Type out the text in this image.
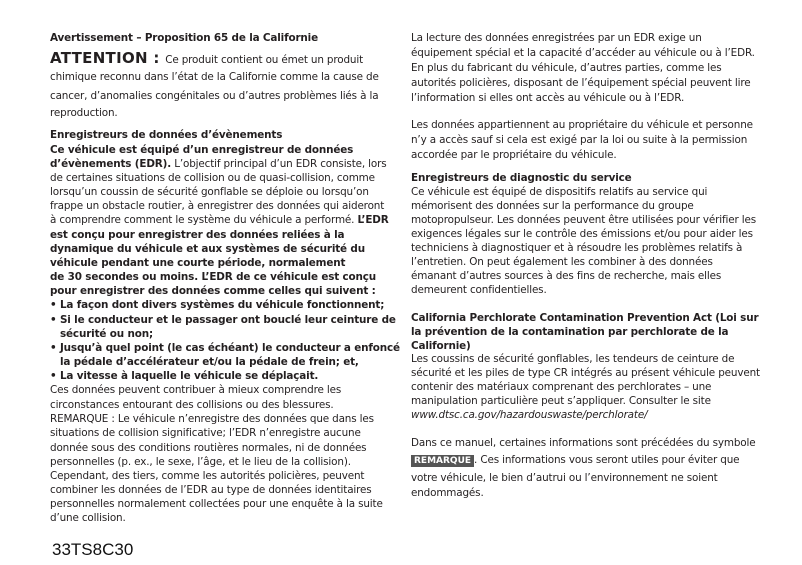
Avertissement – Proposition 65 de la Californie
ATTENTION : Ce produit contient ou émet un produit
chimique reconnu dans l’état de la Californie comme la cause de
cancer, d’anomalies congénitales ou d’autres problèmes liés à la
reproduction.
Enregistreurs de données d’évènements
Ce véhicule est équipé d’un enregistreur de données
d’évènements (EDR). L’objectif principal d’un EDR consiste, lors
de certaines situations de collision ou de quasi-collision, comme
lorsqu’un coussin de sécurité gonflable se déploie ou lorsqu’on
frappe un obstacle routier, à enregistrer des données qui aideront
à comprendre comment le système du véhicule a performé. L’EDR
est conçu pour enregistrer des données reliées à la
dynamique du véhicule et aux systèmes de sécurité du
véhicule pendant une courte période, normalement
de 30 secondes ou moins. L’EDR de ce véhicule est conçu
pour enregistrer des données comme celles qui suivent :
• La façon dont divers systèmes du véhicule fonctionnent;
• Si le conducteur et le passager ont bouclé leur ceinture de
sécurité ou non;
• Jusqu’à quel point (le cas échéant) le conducteur a enfoncé
la pédale d’accélérateur et/ou la pédale de frein; et,
• La vitesse à laquelle le véhicule se déplaçait.
Ces données peuvent contribuer à mieux comprendre les
circonstances entourant des collisions ou des blessures.
REMARQUE : Le véhicule n’enregistre des données que dans les
situations de collision significative; l’EDR n’enregistre aucune
donnée sous des conditions routières normales, ni de données
personnelles (p. ex., le sexe, l’âge, et le lieu de la collision).
Cependant, des tiers, comme les autorités policières, peuvent
combiner les données de l’EDR au type de données identitaires
personnelles normalement collectées pour une enquête à la suite
d’une collision.
La lecture des données enregistrées par un EDR exige un
équipement spécial et la capacité d’accéder au véhicule ou à l’EDR.
En plus du fabricant du véhicule, d’autres parties, comme les
autorités policières, disposant de l’équipement spécial peuvent lire
l’information si elles ont accès au véhicule ou à l’EDR.
Les données appartiennent au propriétaire du véhicule et personne
n’y a accès sauf si cela est exigé par la loi ou suite à la permission
accordée par le propriétaire du véhicule.
Enregistreurs de diagnostic du service
Ce véhicule est équipé de dispositifs relatifs au service qui
mémorisent des données sur la performance du groupe
motopropulseur. Les données peuvent être utilisées pour vérifier les
exigences légales sur le contrôle des émissions et/ou pour aider les
techniciens à diagnostiquer et à résoudre les problèmes relatifs à
l’entretien. On peut également les combiner à des données
émanant d’autres sources à des fins de recherche, mais elles
demeurent confidentielles.
California Perchlorate Contamination Prevention Act (Loi sur
la prévention de la contamination par perchlorate de la
Californie)
Les coussins de sécurité gonflables, les tendeurs de ceinture de
sécurité et les piles de type CR intégrés au présent véhicule peuvent
contenir des matériaux comprenant des perchlorates – une
manipulation particulière peut s’appliquer. Consulter le site
www.dtsc.ca.gov/hazardouswaste/perchlorate/
Dans ce manuel, certaines informations sont précédées du symbole
REMARQUE . Ces informations vous seront utiles pour éviter que
votre véhicule, le bien d’autrui ou l’environnement ne soient
endommagés.
33TS8C30
